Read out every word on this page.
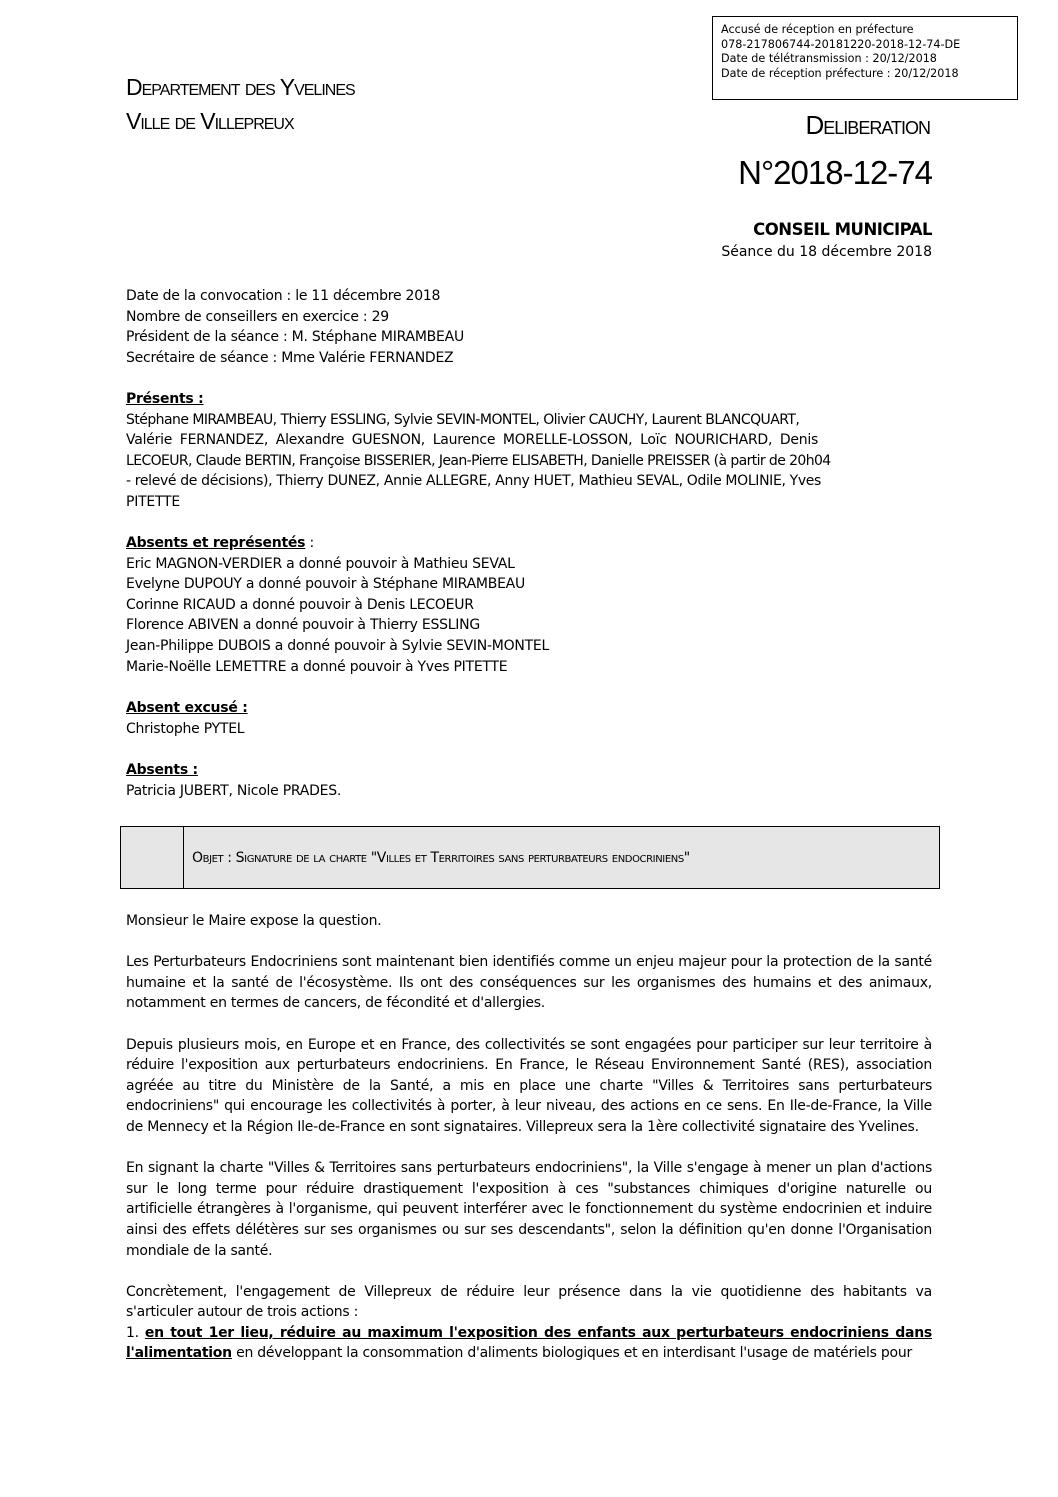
Accusé de réception en préfecture
078-217806744-20181220-2018-12-74-DE
Date de télétransmission : 20/12/2018
Date de réception préfecture : 20/12/2018
Departement des Yvelines
Ville de Villepreux	Deliberation
N°2018-12-74
CONSEIL MUNICIPAL
Séance du 18 décembre 2018
Date de la convocation : le 11 décembre 2018
Nombre de conseillers en exercice : 29
Président de la séance : M. Stéphane MIRAMBEAU
Secrétaire de séance : Mme Valérie FERNANDEZ
Présents :
Stéphane MIRAMBEAU, Thierry ESSLING, Sylvie SEVIN-MONTEL, Olivier CAUCHY, Laurent BLANCQUART,
Valérie FERNANDEZ, Alexandre GUESNON, Laurence MORELLE-LOSSON, Loïc NOURICHARD, Denis
LECOEUR, Claude BERTIN, Françoise BISSERIER, Jean-Pierre ELISABETH, Danielle PREISSER (à partir de 20h04
- relevé de décisions), Thierry DUNEZ, Annie ALLEGRE, Anny HUET, Mathieu SEVAL, Odile MOLINIE, Yves
PITETTE
Absents et représentés :
Eric MAGNON-VERDIER a donné pouvoir à Mathieu SEVAL
Evelyne DUPOUY a donné pouvoir à Stéphane MIRAMBEAU
Corinne RICAUD a donné pouvoir à Denis LECOEUR
Florence ABIVEN a donné pouvoir à Thierry ESSLING
Jean-Philippe DUBOIS a donné pouvoir à Sylvie SEVIN-MONTEL
Marie-Noëlle LEMETTRE a donné pouvoir à Yves PITETTE
Absent excusé :
Christophe PYTEL
Absents :
Patricia JUBERT, Nicole PRADES.
Objet : Signature de la charte "Villes et Territoires sans perturbateurs endocriniens"

Monsieur le Maire expose la question.

Les Perturbateurs Endocriniens sont maintenant bien identifiés comme un enjeu majeur pour la protection de la santé humaine et la santé de l'écosystème. Ils ont des conséquences sur les organismes des humains et des animaux, notamment en termes de cancers, de fécondité et d'allergies.

Depuis plusieurs mois, en Europe et en France, des collectivités se sont engagées pour participer sur leur territoire à réduire l'exposition aux perturbateurs endocriniens. En France, le Réseau Environnement Santé (RES), association agréée au titre du Ministère de la Santé, a mis en place une charte "Villes & Territoires sans perturbateurs endocriniens" qui encourage les collectivités à porter, à leur niveau, des actions en ce sens. En Ile-de-France, la Ville de Mennecy et la Région Ile-de-France en sont signataires. Villepreux sera la 1ère collectivité signataire des Yvelines.

En signant la charte "Villes & Territoires sans perturbateurs endocriniens", la Ville s'engage à mener un plan d'actions sur le long terme pour réduire drastiquement l'exposition à ces "substances chimiques d'origine naturelle ou artificielle étrangères à l'organisme, qui peuvent interférer avec le fonctionnement du système endocrinien et induire ainsi des effets délétères sur ses organismes ou sur ses descendants", selon la définition qu'en donne l'Organisation mondiale de la santé.

Concrètement, l'engagement de Villepreux de réduire leur présence dans la vie quotidienne des habitants va s'articuler autour de trois actions :

1. en tout 1er lieu, réduire au maximum l'exposition des enfants aux perturbateurs endocriniens dans l'alimentation en développant la consommation d'aliments biologiques et en interdisant l'usage de matériels pour
